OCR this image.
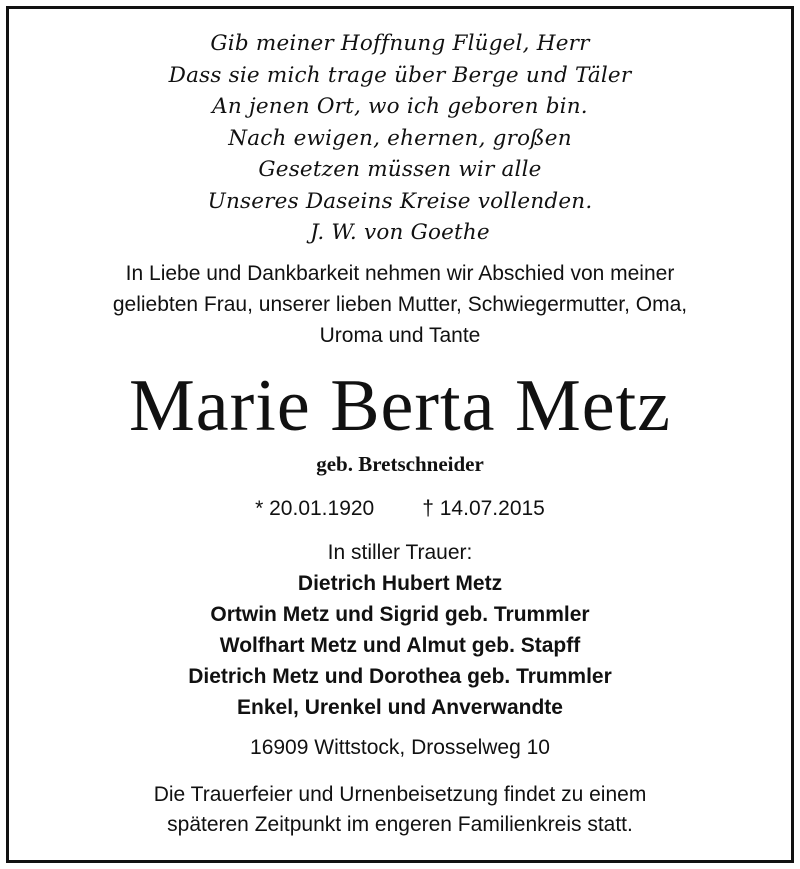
Gib meiner Hoffnung Flügel, Herr
Dass sie mich trage über Berge und Täler
An jenen Ort, wo ich geboren bin.
Nach ewigen, ehernen, großen
Gesetzen müssen wir alle
Unseres Daseins Kreise vollenden.
J. W. von Goethe
In Liebe und Dankbarkeit nehmen wir Abschied von meiner
geliebten Frau, unserer lieben Mutter, Schwiegermutter, Oma,
Uroma und Tante
Marie Berta Metz
geb. Bretschneider
* 20.01.1920 † 14.07.2015
In stiller Trauer:
Dietrich Hubert Metz
Ortwin Metz und Sigrid geb. Trummler
Wolfhart Metz und Almut geb. Stapff
Dietrich Metz und Dorothea geb. Trummler
Enkel, Urenkel und Anverwandte
16909 Wittstock, Drosselweg 10
Die Trauerfeier und Urnenbeisetzung findet zu einem
späteren Zeitpunkt im engeren Familienkreis statt.
